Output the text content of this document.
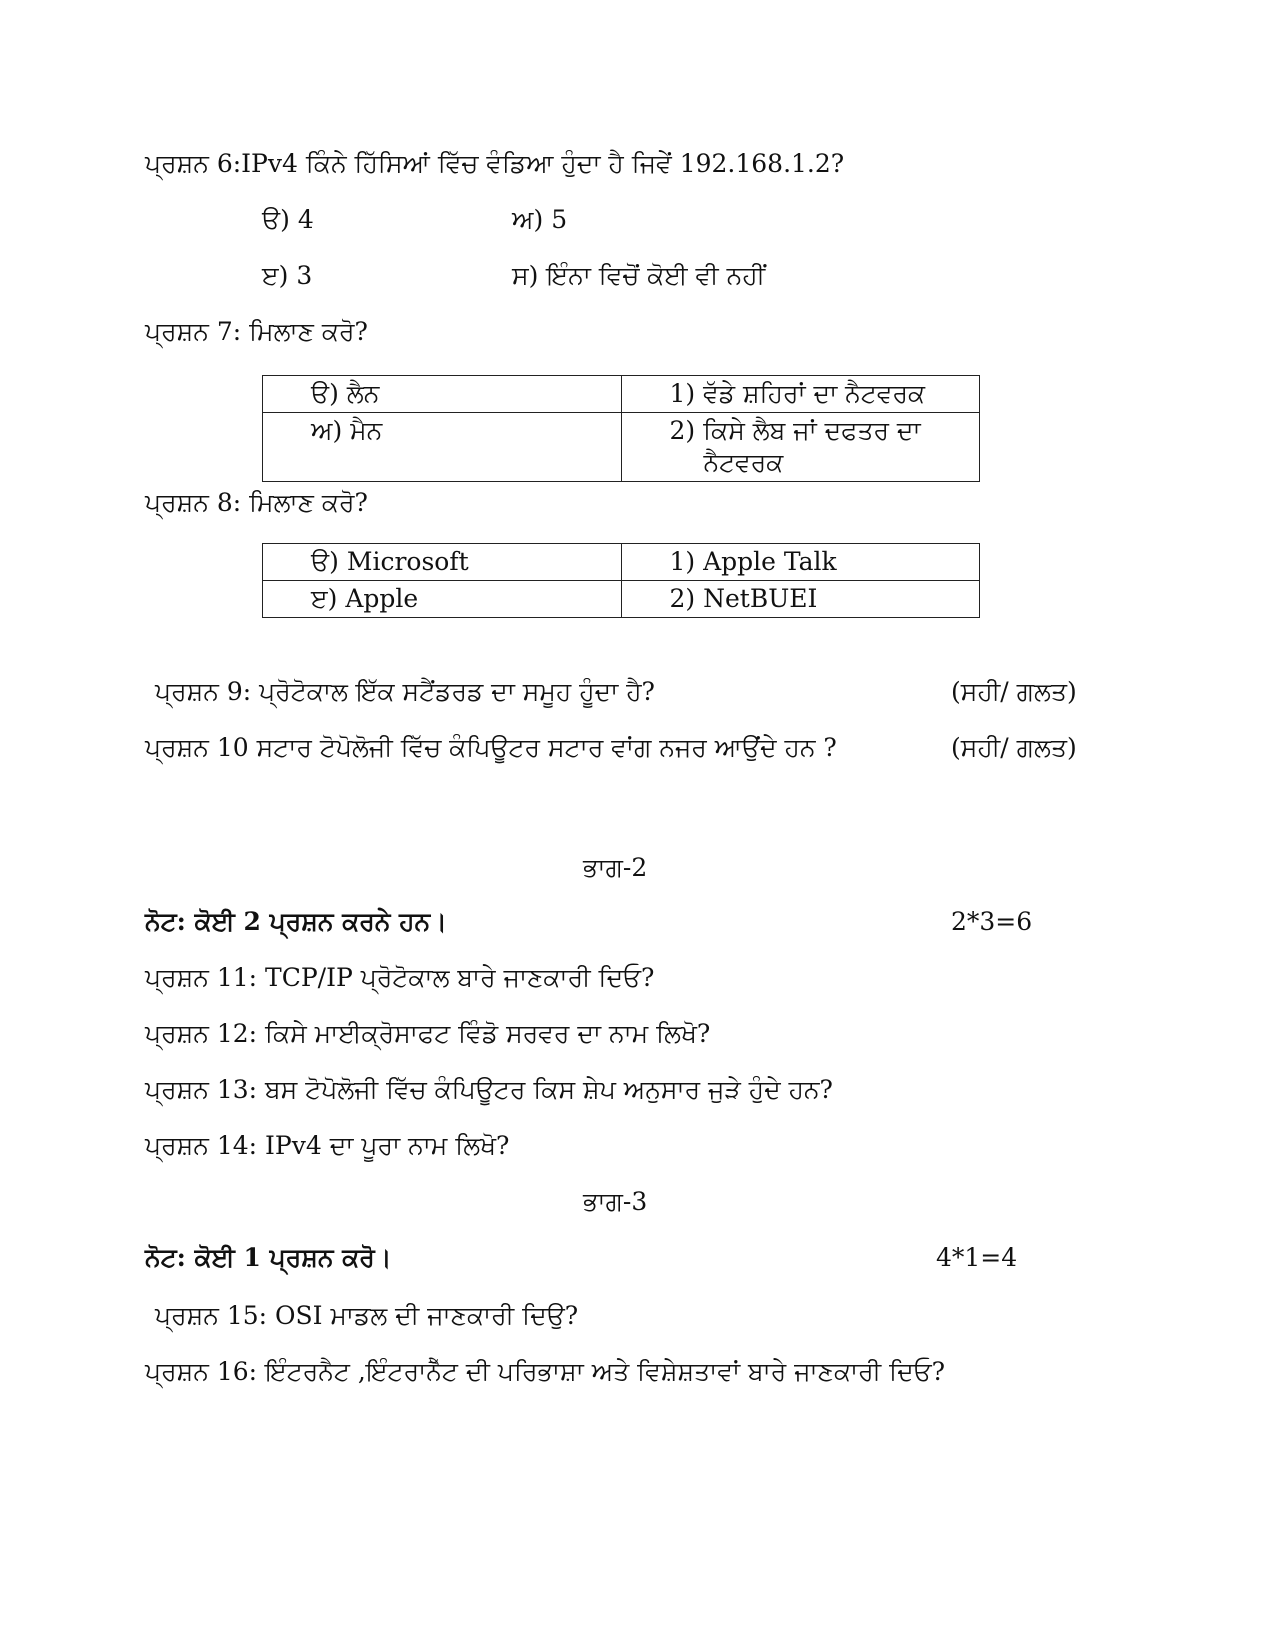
ਪ੍ਰਸ਼ਨ 6:IPv4 ਕਿੰਨੇ ਹਿੱਸਿਆਂ ਵਿੱਚ ਵੰਡਿਆ ਹੁੰਦਾ ਹੈ ਜਿਵੇਂ 192.168.1.2?
ੳ) 4	ਅ) 5
ੲ) 3	ਸ) ਇੰਨਾ ਵਿਚੋਂ ਕੋਈ ਵੀ ਨਹੀਂ
ਪ੍ਰਸ਼ਨ 7: ਮਿਲਾਣ ਕਰੋ?
ੳ) ਲੈਨ	1) ਵੱਡੇ ਸ਼ਹਿਰਾਂ ਦਾ ਨੈਟਵਰਕ
ਅ) ਮੈਨ	2) ਕਿਸੇ ਲੈਬ ਜਾਂ ਦਫਤਰ ਦਾ
ਨੈਟਵਰਕ
ਪ੍ਰਸ਼ਨ 8: ਮਿਲਾਣ ਕਰੋ?
ੳ) Microsoft	1) Apple Talk
ੲ) Apple	2) NetBUEI
ਪ੍ਰਸ਼ਨ 9: ਪ੍ਰੋਟੋਕਾਲ ਇੱਕ ਸਟੈਂਡਰਡ ਦਾ ਸਮੂਹ ਹੂੰਦਾ ਹੈ?	(ਸਹੀ/ ਗਲਤ)
ਪ੍ਰਸ਼ਨ 10 ਸਟਾਰ ਟੋਪੋਲੋਜੀ ਵਿੱਚ ਕੰਪਿਊਟਰ ਸਟਾਰ ਵਾਂਗ ਨਜਰ ਆਉਂਦੇ ਹਨ ?	(ਸਹੀ/ ਗਲਤ)
ਭਾਗ-2
ਨੋਟ: ਕੋਈ 2 ਪ੍ਰਸ਼ਨ ਕਰਨੇ ਹਨ।	2*3=6
ਪ੍ਰਸ਼ਨ 11: TCP/IP ਪ੍ਰੋਟੋਕਾਲ ਬਾਰੇ ਜਾਣਕਾਰੀ ਦਿਓ?
ਪ੍ਰਸ਼ਨ 12: ਕਿਸੇ ਮਾਈਕ੍ਰੋਸਾਫਟ ਵਿੰਡੋ ਸਰਵਰ ਦਾ ਨਾਮ ਲਿਖੋ?
ਪ੍ਰਸ਼ਨ 13: ਬਸ ਟੋਪੋਲੋਜੀ ਵਿੱਚ ਕੰਪਿਊਟਰ ਕਿਸ ਸ਼ੇਪ ਅਨੁਸਾਰ ਜੁੜੇ ਹੁੰਦੇ ਹਨ?
ਪ੍ਰਸ਼ਨ 14: IPv4 ਦਾ ਪੂਰਾ ਨਾਮ ਲਿਖੋ?
ਭਾਗ-3
ਨੋਟ: ਕੋਈ 1 ਪ੍ਰਸ਼ਨ ਕਰੋ।	4*1=4
ਪ੍ਰਸ਼ਨ 15: OSI ਮਾਡਲ ਦੀ ਜਾਣਕਾਰੀ ਦਿਉ?
ਪ੍ਰਸ਼ਨ 16: ਇੰਟਰਨੈਟ ,ਇੰਟਰਾਨੈੱਟ ਦੀ ਪਰਿਭਾਸ਼ਾ ਅਤੇ ਵਿਸ਼ੇਸ਼ਤਾਵਾਂ ਬਾਰੇ ਜਾਣਕਾਰੀ ਦਿਓ?
